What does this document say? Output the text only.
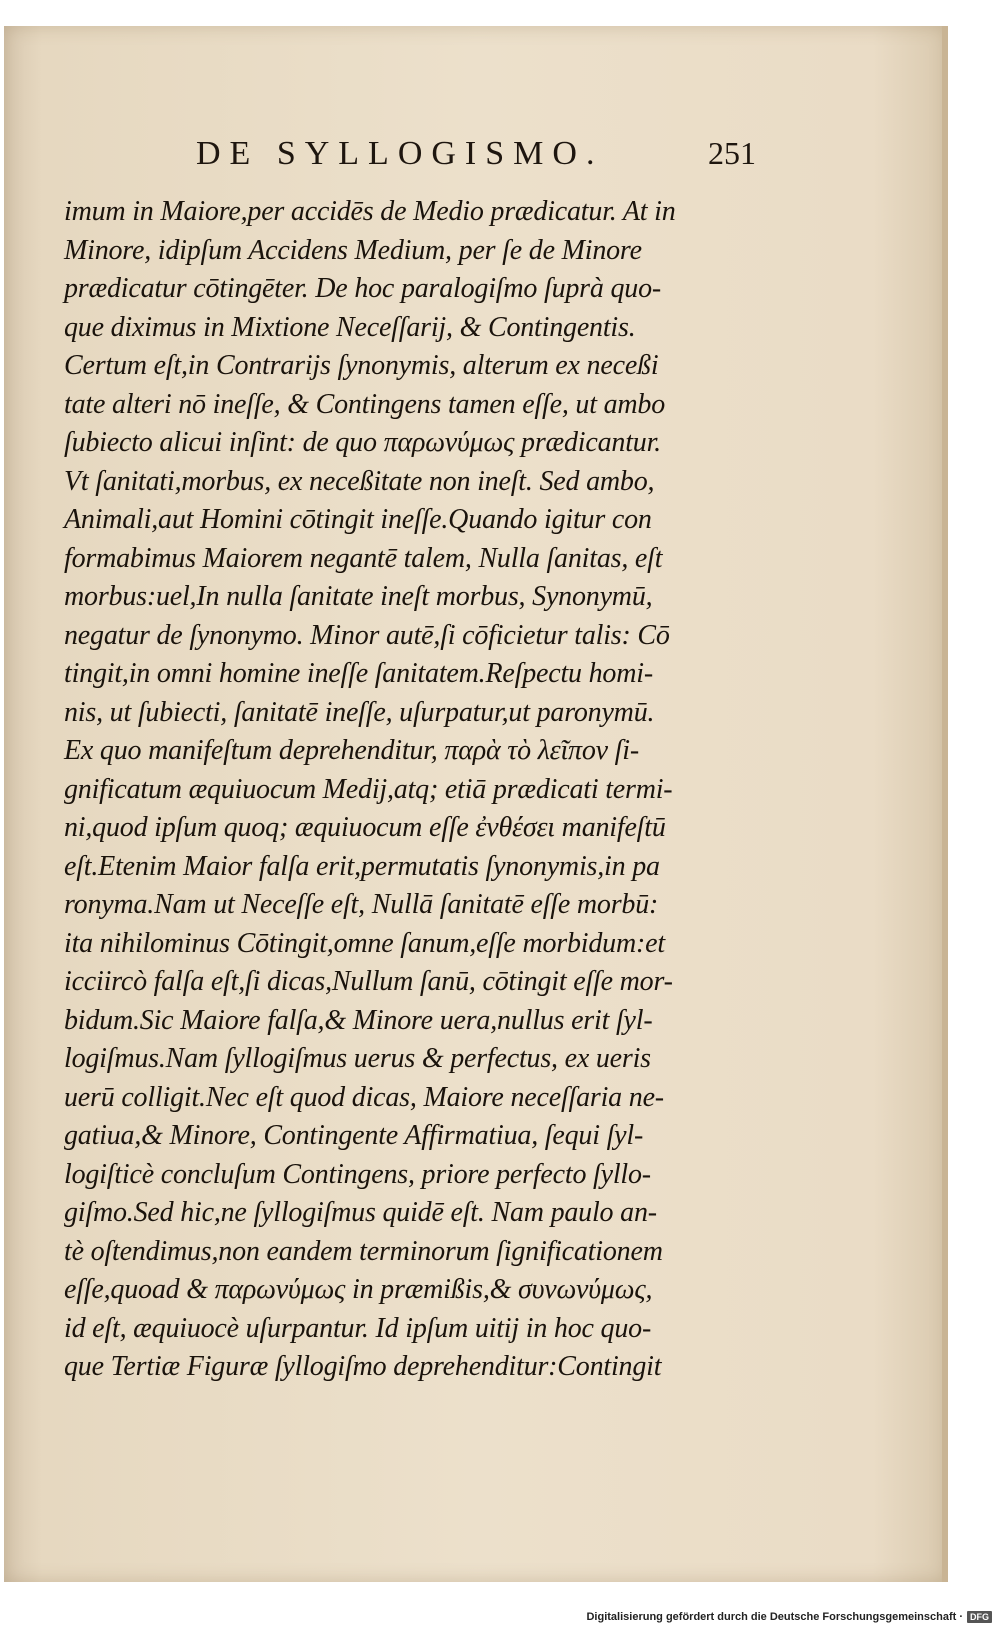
DE SYLLOGISMO.	251
imum in Maiore,per accidēs de Medio prædicatur. At in
Minore, idipſum Accidens Medium, per ſe de Minore
prædicatur cōtingēter. De hoc paralogiſmo ſuprà quo-
que diximus in Mixtione Neceſſarij, & Contingentis.
Certum eſt,in Contrarijs ſynonymis, alterum ex neceßi
tate alteri nō ineſſe, & Contingens tamen eſſe, ut ambo
ſubiecto alicui inſint: de quo παρωνύμως prædicantur.
Vt ſanitati,morbus, ex neceßitate non ineſt. Sed ambo,
Animali,aut Homini cōtingit ineſſe.Quando igitur con
formabimus Maiorem negantē talem, Nulla ſanitas, eſt
morbus:uel,In nulla ſanitate ineſt morbus, Synonymū,
negatur de ſynonymo. Minor autē,ſi cōficietur talis: Cō
tingit,in omni homine ineſſe ſanitatem.Reſpectu homi-
nis, ut ſubiecti, ſanitatē ineſſe, uſurpatur,ut paronymū.
Ex quo manifeſtum deprehenditur, παρὰ τὸ λεῖπον ſi-
gnificatum æquiuocum Medij,atq; etiā prædicati termi-
ni,quod ipſum quoq; æquiuocum eſſe ἐνθέσει manifeſtū
eſt.Etenim Maior falſa erit,permutatis ſynonymis,in pa
ronyma.Nam ut Neceſſe eſt, Nullā ſanitatē eſſe morbū:
ita nihilominus Cōtingit,omne ſanum,eſſe morbidum:et
icciircò falſa eſt,ſi dicas,Nullum ſanū, cōtingit eſſe mor-
bidum.Sic Maiore falſa,& Minore uera,nullus erit ſyl-
logiſmus.Nam ſyllogiſmus uerus & perfectus, ex ueris
uerū colligit.Nec eſt quod dicas, Maiore neceſſaria ne-
gatiua,& Minore, Contingente Affirmatiua, ſequi ſyl-
logiſticè concluſum Contingens, priore perfecto ſyllo-
giſmo.Sed hic,ne ſyllogiſmus quidē eſt. Nam paulo an-
tè oſtendimus,non eandem terminorum ſignificationem
eſſe,quoad & παρωνύμως in præmißis,& συνωνύμως,
id eſt, æquiuocè uſurpantur. Id ipſum uitij in hoc quo-
que Tertiæ Figuræ ſyllogiſmo deprehenditur:Contingit
Digitalisierung gefördert durch die Deutsche Forschungsgemeinschaft · DFG
